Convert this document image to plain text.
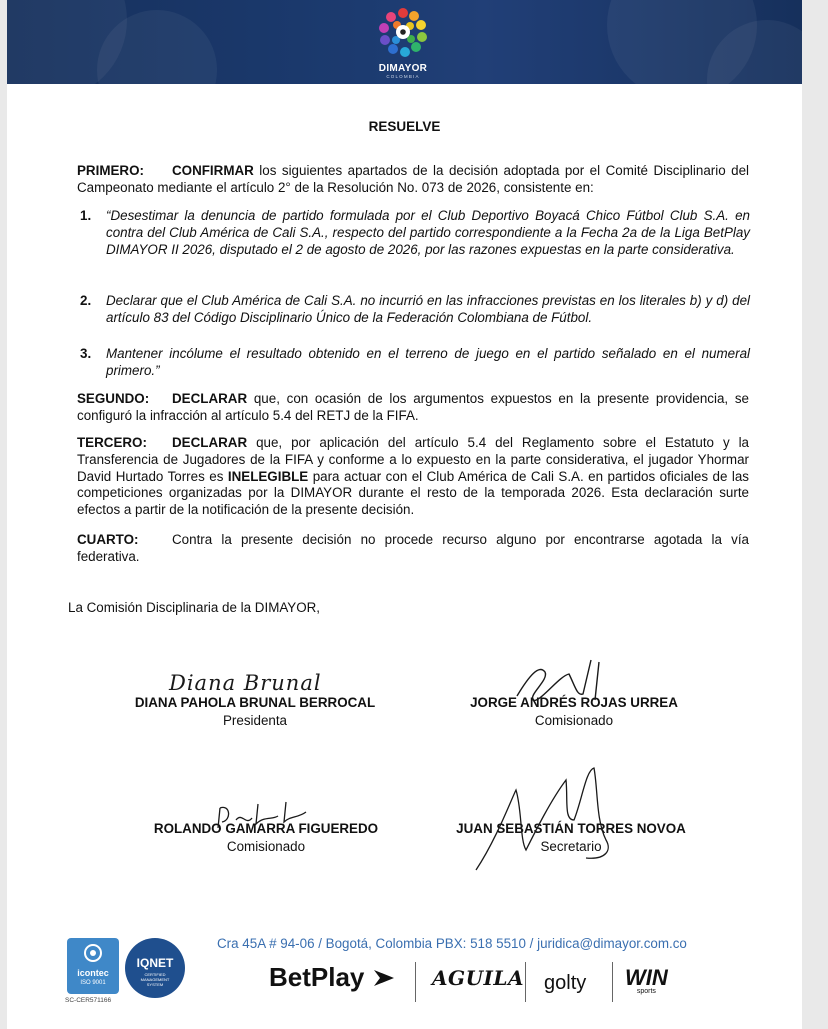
DIMAYOR
COLOMBIA
RESUELVE
PRIMERO: CONFIRMAR los siguientes apartados de la decisión adoptada por el Comité Disciplinario del Campeonato mediante el artículo 2° de la Resolución No. 073 de 2026, consistente en:
1. “Desestimar la denuncia de partido formulada por el Club Deportivo Boyacá Chico Fútbol Club S.A. en contra del Club América de Cali S.A., respecto del partido correspondiente a la Fecha 2a de la Liga BetPlay DIMAYOR II 2026, disputado el 2 de agosto de 2026, por las razones expuestas en la parte considerativa.
2. Declarar que el Club América de Cali S.A. no incurrió en las infracciones previstas en los literales b) y d) del artículo 83 del Código Disciplinario Único de la Federación Colombiana de Fútbol.
3. Mantener incólume el resultado obtenido en el terreno de juego en el partido señalado en el numeral primero.”
SEGUNDO: DECLARAR que, con ocasión de los argumentos expuestos en la presente providencia, se configuró la infracción al artículo 5.4 del RETJ de la FIFA.
TERCERO: DECLARAR que, por aplicación del artículo 5.4 del Reglamento sobre el Estatuto y la Transferencia de Jugadores de la FIFA y conforme a lo expuesto en la parte considerativa, el jugador Yhormar David Hurtado Torres es INELEGIBLE para actuar con el Club América de Cali S.A. en partidos oficiales de las competiciones organizadas por la DIMAYOR durante el resto de la temporada 2026. Esta declaración surte efectos a partir de la notificación de la presente decisión.
CUARTO:	Contra la presente decisión no procede recurso alguno por encontrarse agotada la vía federativa.
La Comisión Disciplinaria de la DIMAYOR,
Diana Brunal
DIANA PAHOLA BRUNAL BERROCAL
Presidenta
JORGE ANDRÉS ROJAS URREA
Comisionado
ROLANDO GAMARRA FIGUEREDO
Comisionado
JUAN SEBASTIÁN TORRES NOVOA
Secretario
Cra 45A # 94-06 / Bogotá, Colombia PBX: 518 5510 / juridica@dimayor.com.co
icontec
ISO 9001
SC-CER571166
IQNET
CERTIFIED MANAGEMENT SYSTEM	BetPlay	AGUILA golty WIN
sports
